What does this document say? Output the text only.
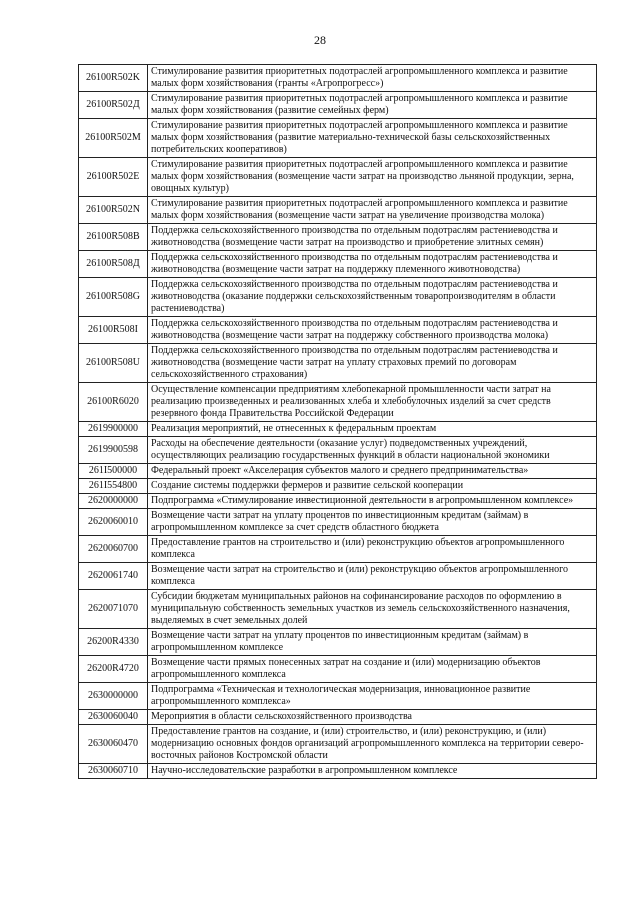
28
26100R502K	Стимулирование развития приоритетных подотраслей агропромышленного комплекса и развитие малых форм хозяйствования (гранты «Агропрогресс»)
26100R502Д	Стимулирование развития приоритетных подотраслей агропромышленного комплекса и развитие малых форм хозяйствования (развитие семейных ферм)
26100R502M	Стимулирование развития приоритетных подотраслей агропромышленного комплекса и развитие малых форм хозяйствования (развитие материально-технической базы сельскохозяйственных потребительских кооперативов)
26100R502E	Стимулирование развития приоритетных подотраслей агропромышленного комплекса и развитие малых форм хозяйствования (возмещение части затрат на производство льняной продукции, зерна, овощных культур)
26100R502N	Стимулирование развития приоритетных подотраслей агропромышленного комплекса и развитие малых форм хозяйствования (возмещение части затрат на увеличение производства молока)
26100R508B	Поддержка сельскохозяйственного производства по отдельным подотраслям растениеводства и животноводства (возмещение части затрат на производство и приобретение элитных семян)
26100R508Д	Поддержка сельскохозяйственного производства по отдельным подотраслям растениеводства и животноводства (возмещение части затрат на поддержку племенного животноводства)
26100R508G	Поддержка сельскохозяйственного производства по отдельным подотраслям растениеводства и животноводства (оказание поддержки сельскохозяйственным товаропроизводителям в области растениеводства)
26100R508I	Поддержка сельскохозяйственного производства по отдельным подотраслям растениеводства и животноводства (возмещение части затрат на поддержку собственного производства молока)
26100R508U	Поддержка сельскохозяйственного производства по отдельным подотраслям растениеводства и животноводства (возмещение части затрат на уплату страховых премий по договорам сельскохозяйственного страхования)
26100R6020	Осуществление компенсации предприятиям хлебопекарной промышленности части затрат на реализацию произведенных и реализованных хлеба и хлебобулочных изделий за счет средств резервного фонда Правительства Российской Федерации
2619900000	Реализация мероприятий, не отнесенных к федеральным проектам
2619900598	Расходы на обеспечение деятельности (оказание услуг) подведомственных учреждений, осуществляющих реализацию государственных функций в области национальной экономики
261I500000	Федеральный проект «Акселерация субъектов малого и среднего предпринимательства»
261I554800	Создание системы поддержки фермеров и развитие сельской кооперации
2620000000	Подпрограмма «Стимулирование инвестиционной деятельности в агропромышленном комплексе»
2620060010	Возмещение части затрат на уплату процентов по инвестиционным кредитам (займам) в агропромышленном комплексе за счет средств областного бюджета
2620060700	Предоставление грантов на строительство и (или) реконструкцию объектов агропромышленного комплекса
2620061740	Возмещение части затрат на строительство и (или) реконструкцию объектов агропромышленного комплекса
2620071070	Субсидии бюджетам муниципальных районов на софинансирование расходов по оформлению в муниципальную собственность земельных участков из земель сельскохозяйственного назначения, выделяемых в счет земельных долей
26200R4330	Возмещение части затрат на уплату процентов по инвестиционным кредитам (займам) в агропромышленном комплексе
26200R4720	Возмещение части прямых понесенных затрат на создание и (или) модернизацию объектов агропромышленного комплекса
2630000000	Подпрограмма «Техническая и технологическая модернизация, инновационное развитие агропромышленного комплекса»
2630060040	Мероприятия в области сельскохозяйственного производства
2630060470	Предоставление грантов на создание, и (или) строительство, и (или) реконструкцию, и (или) модернизацию основных фондов организаций агропромышленного комплекса на территории северо-восточных районов Костромской области
2630060710	Научно-исследовательские разработки в агропромышленном комплексе
